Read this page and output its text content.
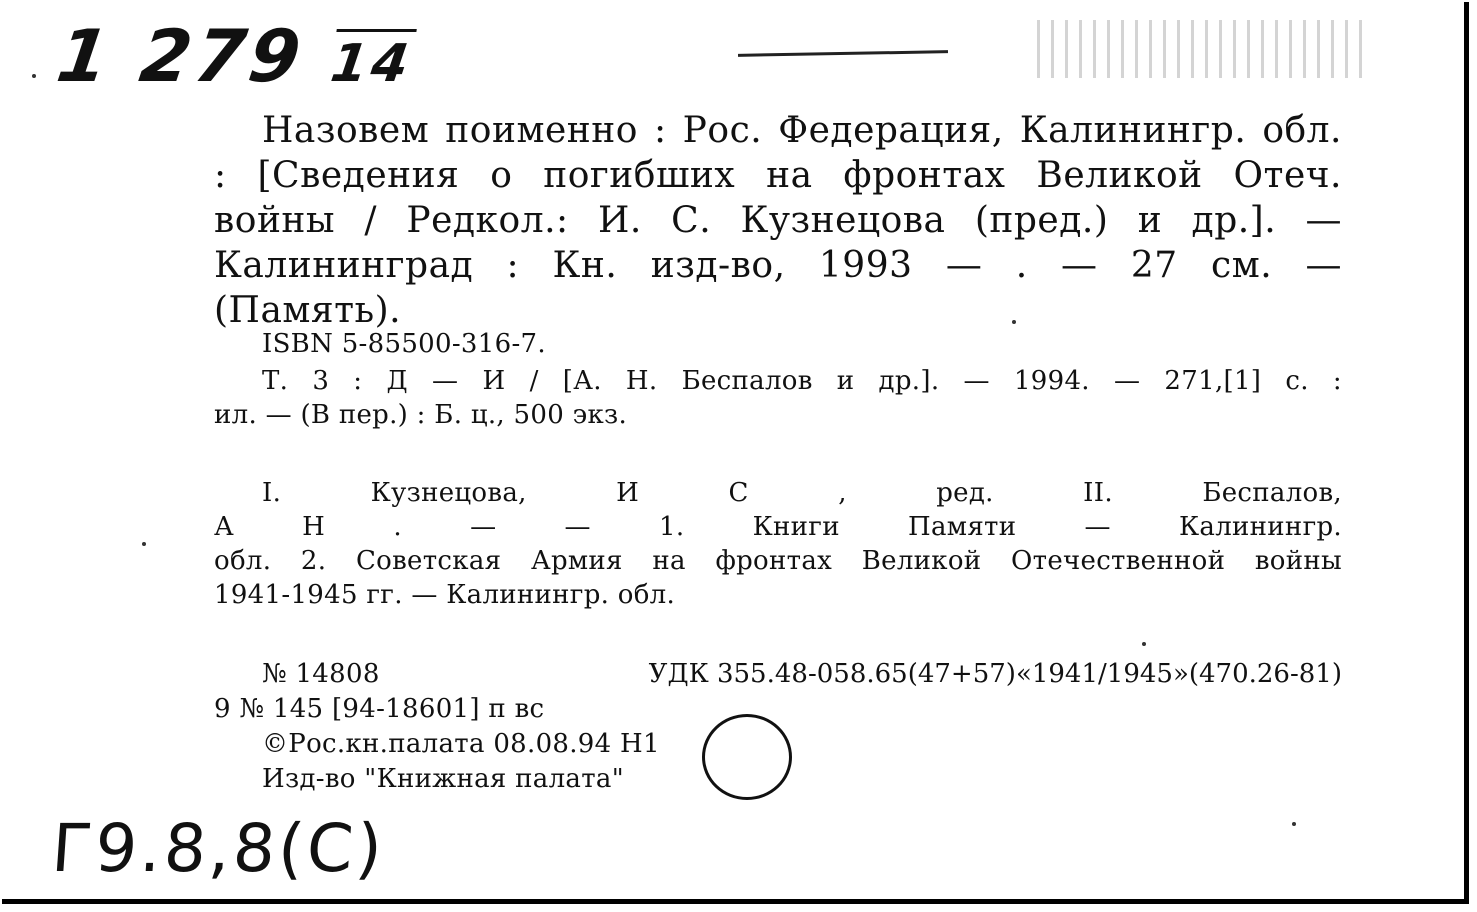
1 279 14
Назовем поименно : Рос. Федерация, Калинингр. обл.
: [Сведения о погибших на фронтах Великой Отеч.
войны / Редкол.: И. С. Кузнецова (пред.) и др.]. —
Калининград : Кн. изд-во, 1993 — . — 27 см. —
(Память).
ISBN 5-85500-316-7.
Т. 3 : Д — И / [А. Н. Беспалов и др.]. — 1994. — 271,[1] с. :
ил. — (В пер.) : Б. ц., 500 экз.
I. Кузнецова, И С , ред. II. Беспалов,
А Н . — — 1. Книги Памяти — Калинингр.
обл. 2. Советская Армия на фронтах Великой Отечественной войны
1941-1945 гг. — Калинингр. обл.
№ 14808
9 № 145 [94-18601] п вс
©Рос.кн.палата 08.08.94 Н1
Изд-во "Книжная палата"
УДК 355.48-058.65(47+57)«1941/1945»(470.26-81)
Г9.8,8(С)
